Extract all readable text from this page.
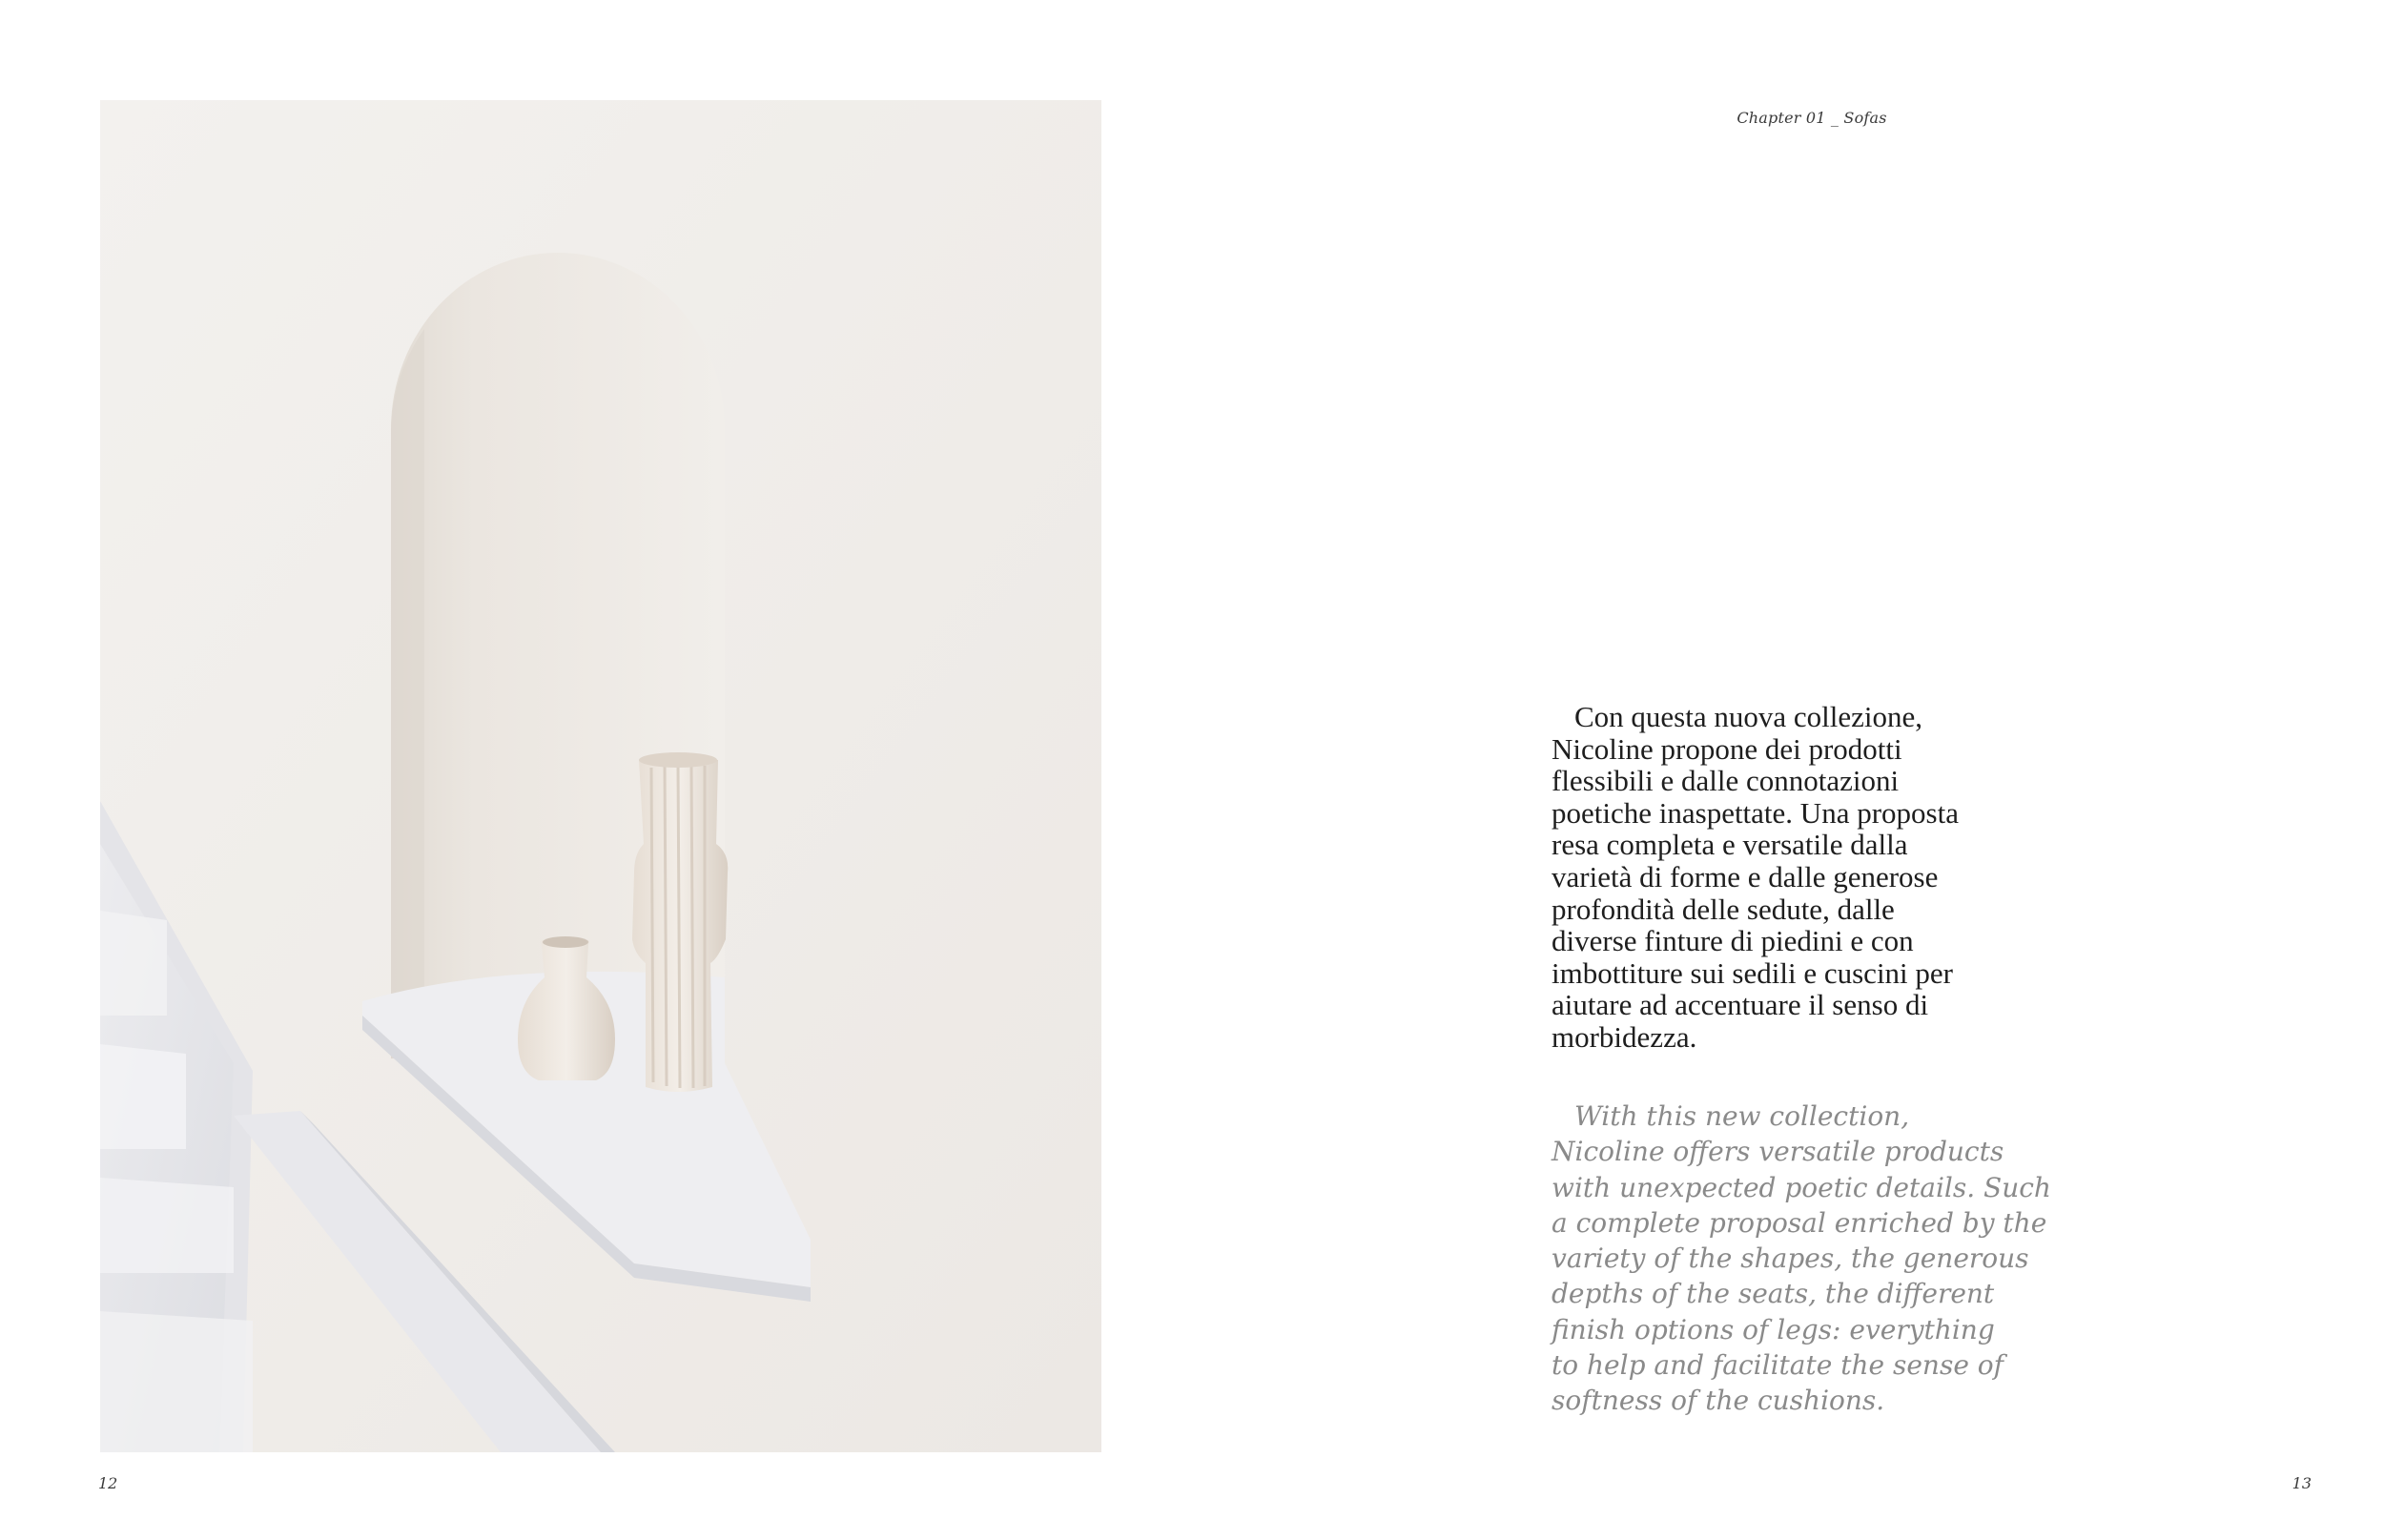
Chapter 01 _ Sofas
Con questa nuova collezione,
Nicoline propone dei prodotti
flessibili e dalle connotazioni
poetiche inaspettate. Una proposta
resa completa e versatile dalla
varietà di forme e dalle generose
profondità delle sedute, dalle
diverse finture di piedini e con
imbottiture sui sedili e cuscini per
aiutare ad accentuare il senso di
morbidezza.
With this new collection,
Nicoline offers versatile products
with unexpected poetic details. Such
a complete proposal enriched by the
variety of the shapes, the generous
depths of the seats, the different
finish options of legs: everything
to help and facilitate the sense of
softness of the cushions.
12	13
